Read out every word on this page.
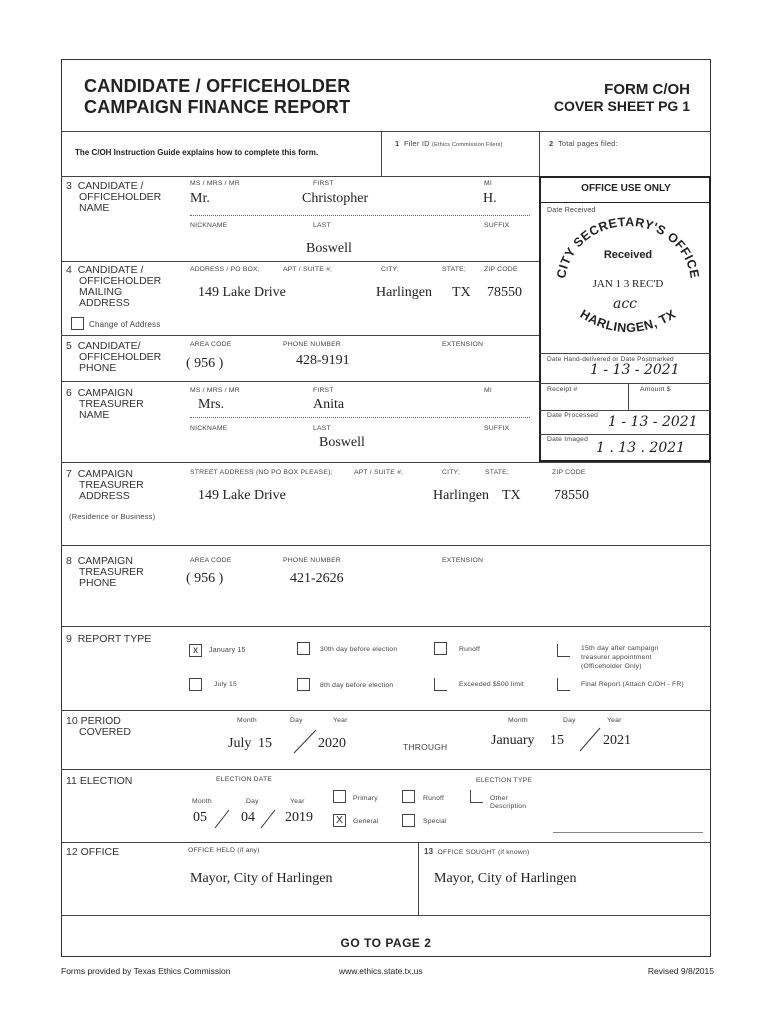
CANDIDATE / OFFICEHOLDER
CAMPAIGN FINANCE REPORT
FORM C/OH
COVER SHEET PG 1
The C/OH Instruction Guide explains how to complete this form.
1 Filer ID (Ethics Commission Filers)	2 Total pages filed:
OFFICE USE ONLY
Date Received
CITY SECRETARY'S OFFICE
Received
JAN 1 3 REC'D
acc
HARLINGEN, TX
Date Hand-delivered or Date Postmarked
1 - 13 - 2021
Receipt #	Amount $
Date Processed 1 - 13 - 2021
Date Imaged
1 . 13 . 2021
3 CANDIDATE /
OFFICEHOLDER
NAME
MS / MRS / MR	FIRST	MI
Mr.	Christopher	H.
NICKNAME	LAST	SUFFIX
Boswell
4 CANDIDATE /
OFFICEHOLDER
MAILING
ADDRESS
ADDRESS / PO BOX;	APT / SUITE #;	CITY;	STATE;	ZIP CODE
149 Lake Drive	Harlingen TX 78550
Change of Address
5 CANDIDATE/
OFFICEHOLDER
PHONE
AREA CODE	PHONE NUMBER	EXTENSION
( 956 )	428-9191
6 CAMPAIGN
TREASURER
NAME
MS / MRS / MR	FIRST	MI
Mrs.	Anita
NICKNAME	LAST	SUFFIX
Boswell
7 CAMPAIGN
TREASURER
ADDRESS
(Residence or Business)
STREET ADDRESS (NO PO BOX PLEASE);	APT / SUITE #;	CITY;	STATE;	ZIP CODE
149 Lake Drive	Harlingen TX 78550
8 CAMPAIGN
TREASURER
PHONE
AREA CODE	PHONE NUMBER	EXTENSION
( 956 )	421-2626
9 REPORT TYPE
x	January 15	30th day before election	Runoff	15th day after campaign
treasurer appointment
(Officeholder Only)
July 15	8th day before election	Exceeded $500 limit	Final Report (Attach C/OH - FR)
10 PERIOD
COVERED
Month	Day	Year
July 15	2020	THROUGH
Month	Day	Year
January 15	2021
11 ELECTION	ELECTION DATE	ELECTION TYPE
Month	Day	Year
05 04 2019
Primary	Runoff	Other
Description
X	General	Special
12 OFFICE	OFFICE HELD (if any)
Mayor, City of Harlingen
13 OFFICE SOUGHT (if known)
Mayor, City of Harlingen
GO TO PAGE 2
Forms provided by Texas Ethics Commission	www.ethics.state.tx.us	Revised 9/8/2015
